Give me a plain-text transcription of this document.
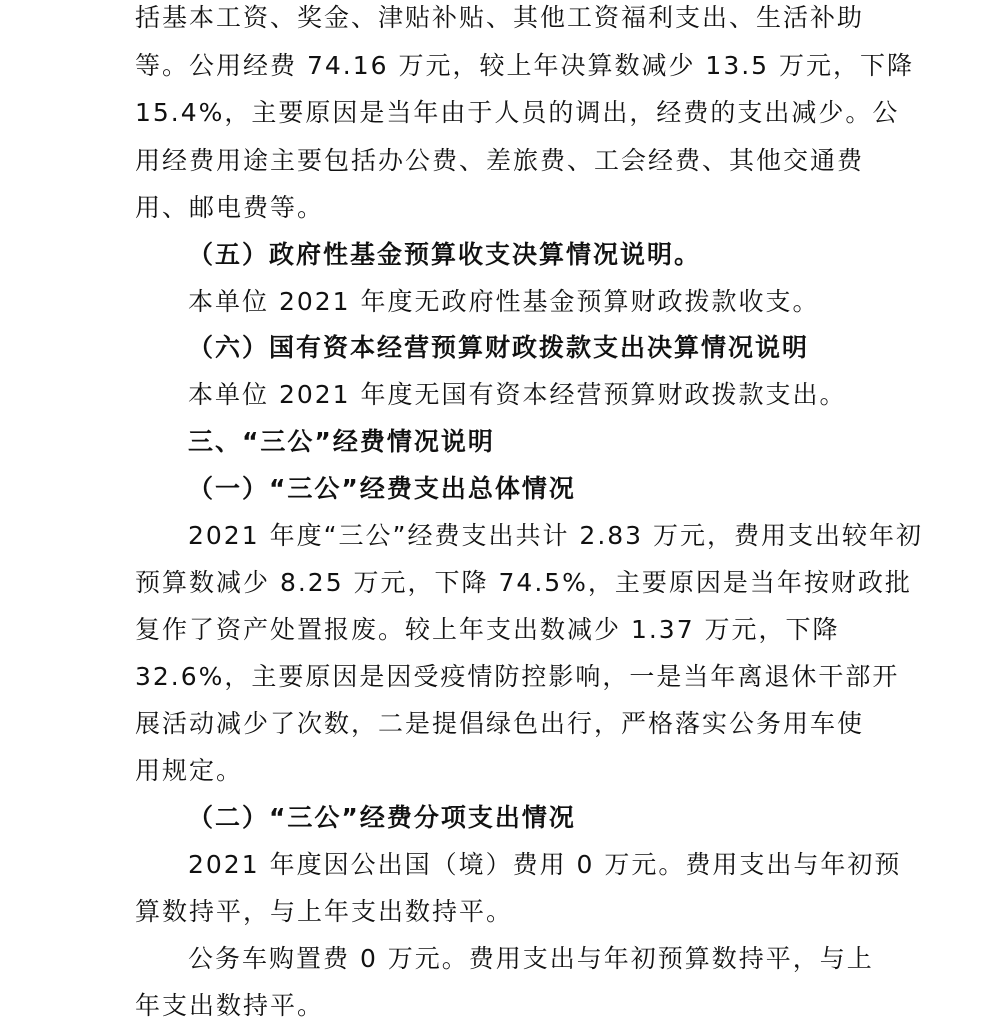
括基本工资、奖金、津贴补贴、其他工资福利支出、生活补助
等。公用经费 74.16 万元，较上年决算数减少 13.5 万元，下降
15.4%，主要原因是当年由于人员的调出，经费的支出减少。公
用经费用途主要包括办公费、差旅费、工会经费、其他交通费
用、邮电费等。
（五）政府性基金预算收支决算情况说明。
本单位 2021 年度无政府性基金预算财政拨款收支。
（六）国有资本经营预算财政拨款支出决算情况说明
本单位 2021 年度无国有资本经营预算财政拨款支出。
三、“三公”经费情况说明
（一）“三公”经费支出总体情况
2021 年度“三公”经费支出共计 2.83 万元，费用支出较年初
预算数减少 8.25 万元，下降 74.5%，主要原因是当年按财政批
复作了资产处置报废。较上年支出数减少 1.37 万元，下降
32.6%，主要原因是因受疫情防控影响，一是当年离退休干部开
展活动减少了次数，二是提倡绿色出行，严格落实公务用车使
用规定。
（二）“三公”经费分项支出情况
2021 年度因公出国（境）费用 0 万元。费用支出与年初预
算数持平，与上年支出数持平。
公务车购置费 0 万元。费用支出与年初预算数持平，与上
年支出数持平。
